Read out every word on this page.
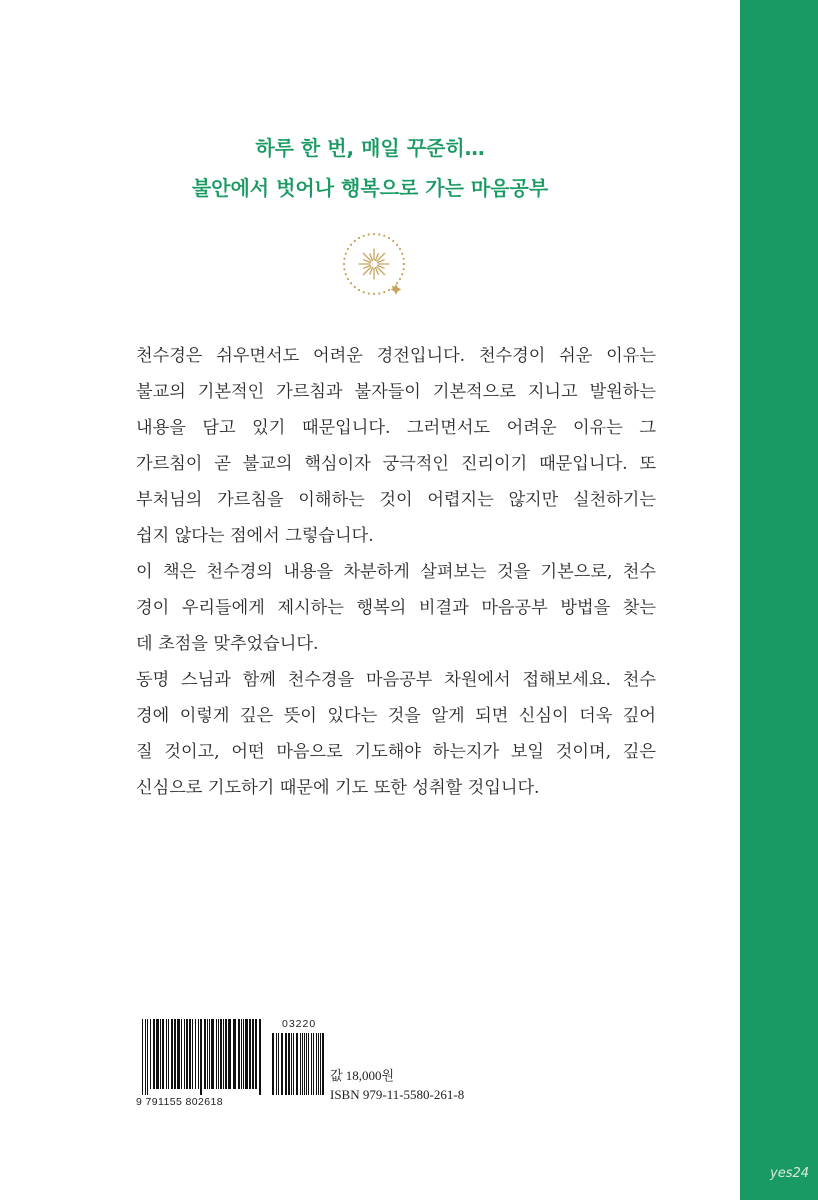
하루 한 번, 매일 꾸준히…
불안에서 벗어나 행복으로 가는 마음공부

천수경은 쉬우면서도 어려운 경전입니다. 천수경이 쉬운 이유는
불교의 기본적인 가르침과 불자들이 기본적으로 지니고 발원하는
내용을 담고 있기 때문입니다. 그러면서도 어려운 이유는 그
가르침이 곧 불교의 핵심이자 궁극적인 진리이기 때문입니다. 또
부처님의 가르침을 이해하는 것이 어렵지는 않지만 실천하기는
쉽지 않다는 점에서 그렇습니다.

이 책은 천수경의 내용을 차분하게 살펴보는 것을 기본으로, 천수
경이 우리들에게 제시하는 행복의 비결과 마음공부 방법을 찾는
데 초점을 맞추었습니다.

동명 스님과 함께 천수경을 마음공부 차원에서 접해보세요. 천수
경에 이렇게 깊은 뜻이 있다는 것을 알게 되면 신심이 더욱 깊어
질 것이고, 어떤 마음으로 기도해야 하는지가 보일 것이며, 깊은
신심으로 기도하기 때문에 기도 또한 성취할 것입니다.

9 791155 802618
03220
값 18,000원
ISBN 979-11-5580-261-8
yes24
